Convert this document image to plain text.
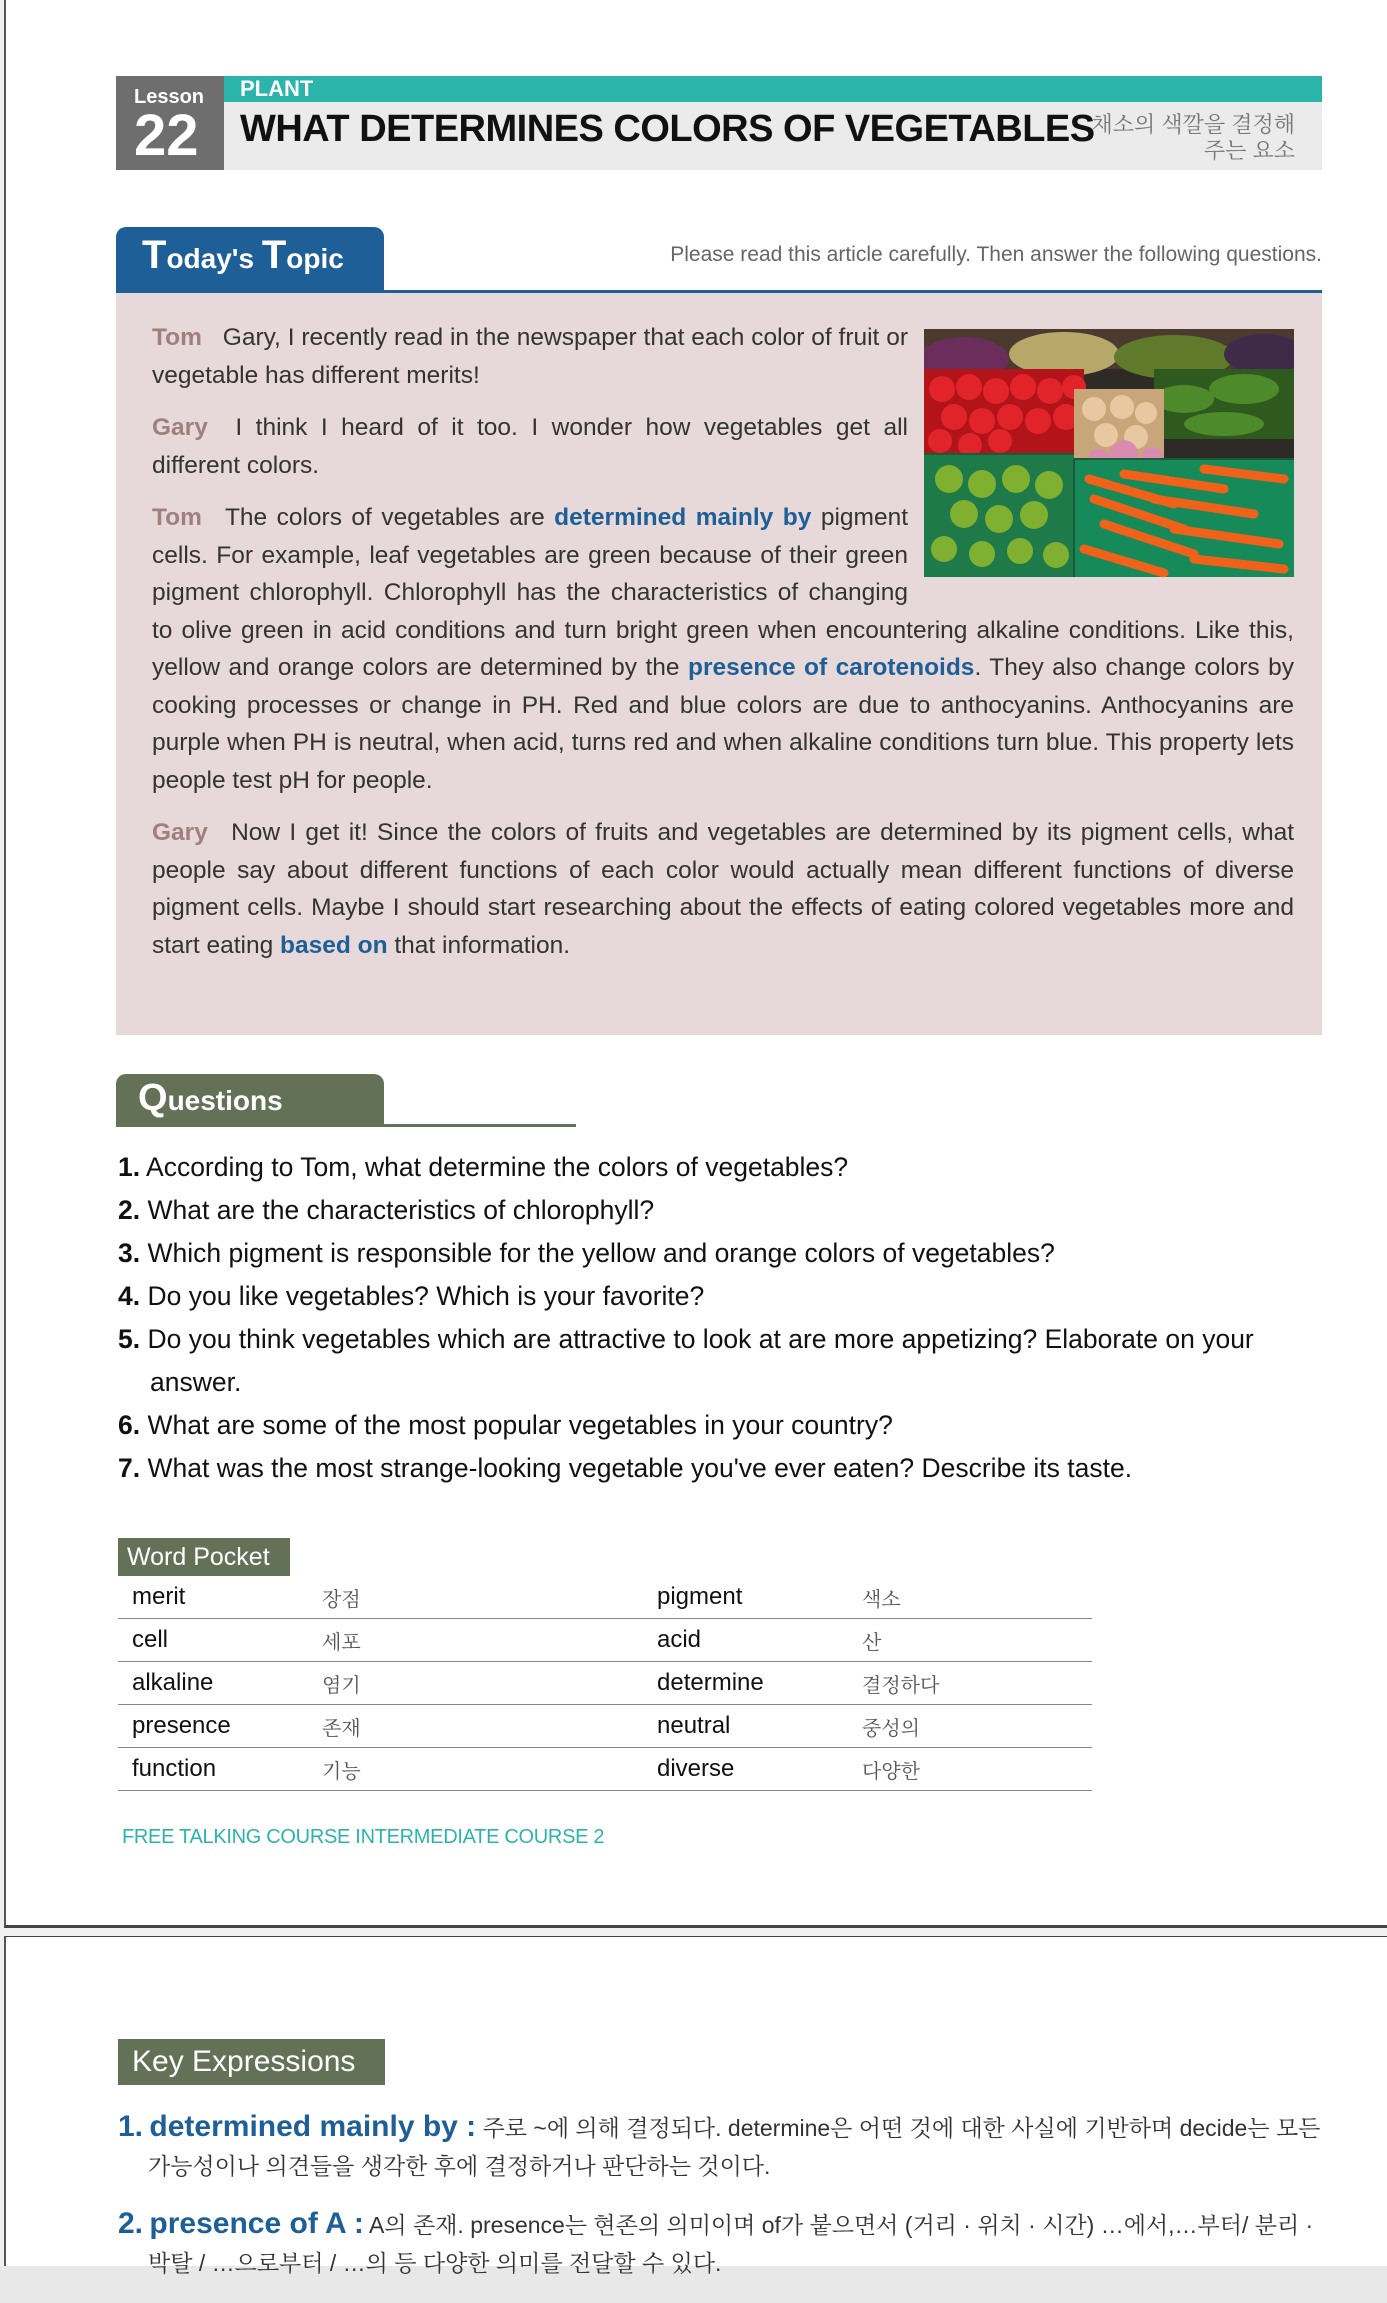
Lesson
22
PLANT
WHAT DETERMINES COLORS OF VEGETABLES
채소의 색깔을 결정해 주는 요소
Today's Topic	Please read this article carefully. Then answer the following questions.

Tom Gary, I recently read in the newspaper that each color of fruit or vegetable has different merits!

Gary I think I heard of it too. I wonder how vegetables get all different colors.

Tom The colors of vegetables are determined mainly by pigment cells. For example, leaf vegetables are green because of their green pigment chlorophyll. Chlorophyll has the characteristics of changing to olive green in acid conditions and turn bright green when encountering alkaline conditions. Like this, yellow and orange colors are determined by the presence of carotenoids. They also change colors by cooking processes or change in PH. Red and blue colors are due to anthocyanins. Anthocyanins are purple when PH is neutral, when acid, turns red and when alkaline conditions turn blue. This property lets people test pH for people.

Gary Now I get it! Since the colors of fruits and vegetables are determined by its pigment cells, what people say about different functions of each color would actually mean different functions of diverse pigment cells. Maybe I should start researching about the effects of eating colored vegetables more and start eating based on that information.

Questions
1. According to Tom, what determine the colors of vegetables?
2. What are the characteristics of chlorophyll?
3. Which pigment is responsible for the yellow and orange colors of vegetables?
4. Do you like vegetables? Which is your favorite?
5. Do you think vegetables which are attractive to look at are more appetizing? Elaborate on your answer.
6. What are some of the most popular vegetables in your country?
7. What was the most strange-looking vegetable you've ever eaten? Describe its taste.
Word Pocket
merit	장점	pigment	색소
cell	세포	acid	산
alkaline	염기	determine	결정하다
presence	존재	neutral	중성의
function	기능	diverse	다양한
FREE TALKING COURSE INTERMEDIATE COURSE 2
Key Expressions
1. determined mainly by : 주로 ~에 의해 결정되다. determine은 어떤 것에 대한 사실에 기반하며 decide는 모든 가능성이나 의견들을 생각한 후에 결정하거나 판단하는 것이다.
2. presence of A : A의 존재. presence는 현존의 의미이며 of가 붙으면서 (거리 · 위치 · 시간) …에서,…부터/ 분리 · 박탈 / …으로부터 / …의 등 다양한 의미를 전달할 수 있다.
